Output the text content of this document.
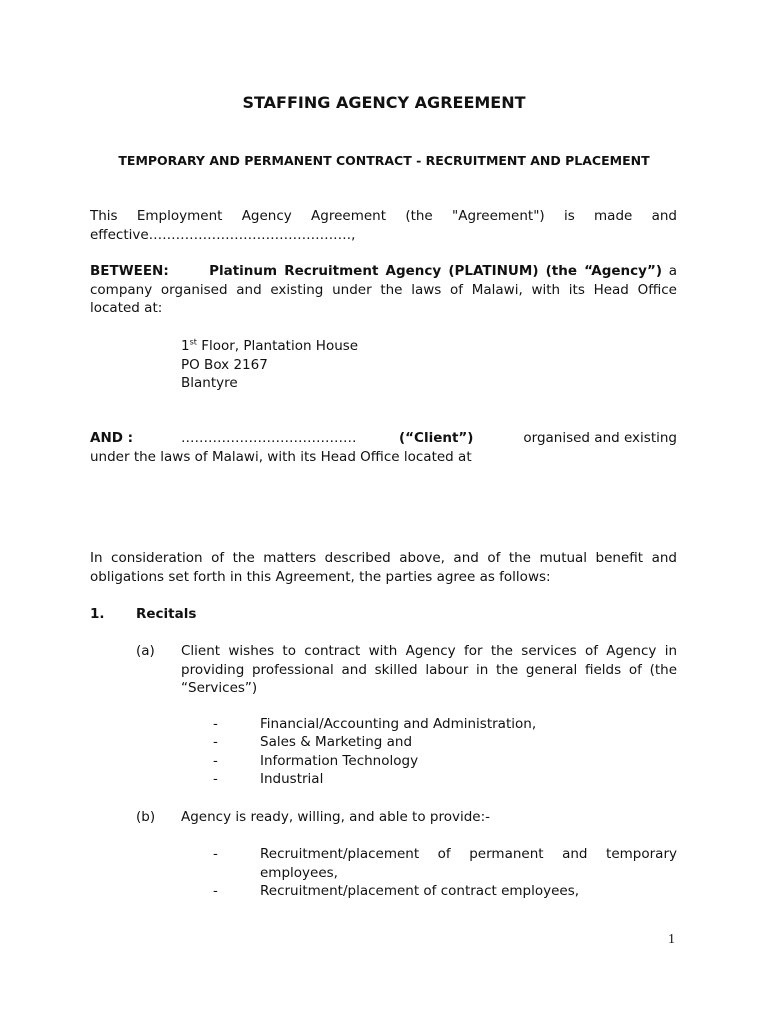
STAFFING AGENCY AGREEMENT
TEMPORARY AND PERMANENT CONTRACT - RECRUITMENT AND PLACEMENT
This Employment Agency Agreement (the "Agreement") is made and effective………………………………………,
BETWEEN:	Platinum Recruitment Agency (PLATINUM) (the “Agency”) a company organised and existing under the laws of Malawi, with its Head Office located at:
1st Floor, Plantation House
PO Box 2167
Blantyre
AND :	…………………………………	(“Client”)	organised and existing
under the laws of Malawi, with its Head Office located at
In consideration of the matters described above, and of the mutual benefit and obligations set forth in this Agreement, the parties agree as follows:
1. Recitals
(a) Client wishes to contract with Agency for the services of Agency in providing professional and skilled labour in the general fields of (the “Services”)
-	Financial/Accounting and Administration,
-	Sales & Marketing and
-	Information Technology
-	Industrial
(b) Agency is ready, willing, and able to provide:-
-	Recruitment/placement of permanent and temporary employees,
-	Recruitment/placement of contract employees,
1
